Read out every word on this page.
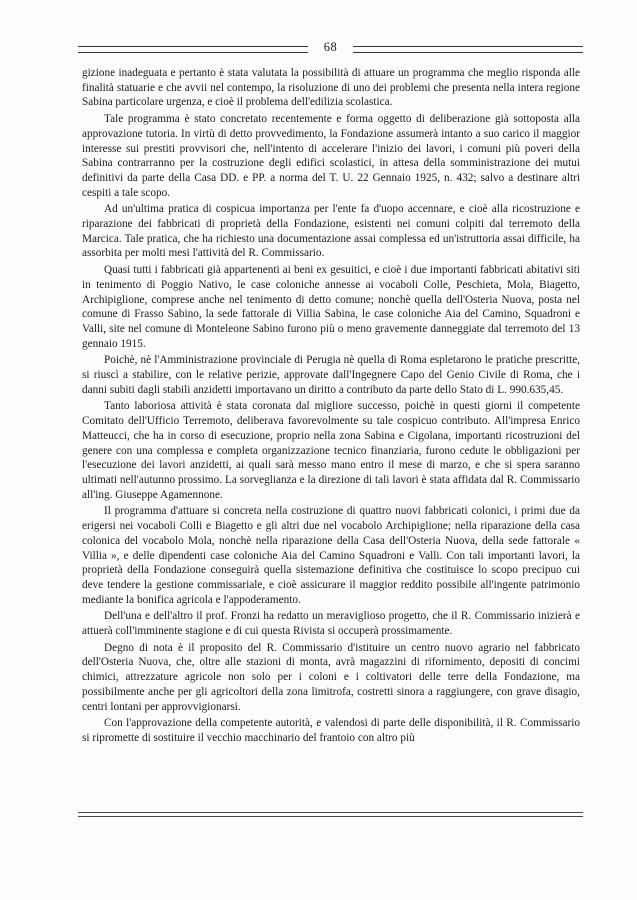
68

gizione inadeguata e pertanto è stata valutata la possibilità di attuare un programma che meglio risponda alle finalità statuarie e che avvii nel contempo, la risoluzione di uno dei problemi che presenta nella intera regione Sabina particolare urgenza, e cioè il problema dell'edilizia scolastica.

Tale programma è stato concretato recentemente e forma oggetto di deliberazione già sottoposta alla approvazione tutoria. In virtù di detto provvedimento, la Fondazione assumerà intanto a suo carico il maggior interesse sui prestiti provvisori che, nell'intento di accelerare l'inizio dei lavori, i comuni più poveri della Sabina contrarranno per la costruzione degli edifici scolastici, in attesa della somministrazione dei mutui definitivi da parte della Casa DD. e PP. a norma del T. U. 22 Gennaio 1925, n. 432; salvo a destinare altri cespiti a tale scopo.

Ad un'ultima pratica di cospicua importanza per l'ente fa d'uopo accennare, e cioè alla ricostruzione e riparazione dei fabbricati di proprietà della Fondazione, esistenti nei comuni colpiti dal terremoto della Marcica. Tale pratica, che ha richiesto una documentazione assai complessa ed un'istruttoria assai difficile, ha assorbita per molti mesi l'attività del R. Commissario.

Quasi tutti i fabbricati già appartenenti ai beni ex gesuitici, e cioè i due importanti fabbricati abitativi siti in tenimento di Poggio Nativo, le case coloniche annesse ai vocaboli Colle, Peschieta, Mola, Biagetto, Archipiglione, comprese anche nel tenimento di detto comune; nonchè quella dell'Osteria Nuova, posta nel comune di Frasso Sabino, la sede fattorale di Villia Sabina, le case coloniche Aia del Camino, Squadroni e Valli, site nel comune di Monteleone Sabino furono più o meno gravemente danneggiate dal terremoto del 13 gennaio 1915.

Poichè, nè l'Amministrazione provinciale di Perugia nè quella di Roma espletarono le pratiche prescritte, si riuscì a stabilire, con le relative perizie, approvate dall'Ingegnere Capo del Genio Civile di Roma, che i danni subiti dagli stabili anzidetti importavano un diritto a contributo da parte dello Stato di L. 990.635,45.

Tanto laboriosa attività è stata coronata dal migliore successo, poichè in questi giorni il competente Comitato dell'Ufficio Terremoto, deliberava favorevolmente su tale cospicuo contributo. All'impresa Enrico Matteucci, che ha in corso di esecuzione, proprio nella zona Sabina e Cigolana, importanti ricostruzioni del genere con una complessa e completa organizzazione tecnico finanziaria, furono cedute le obbligazioni per l'esecuzione dei lavori anzidetti, ai quali sarà messo mano entro il mese di marzo, e che si spera saranno ultimati nell'autunno prossimo. La sorveglianza e la direzione di tali lavori è stata affidata dal R. Commissario all'ing. Giuseppe Agamennone.

Il programma d'attuare si concreta nella costruzione di quattro nuovi fabbricati colonici, i primi due da erigersi nei vocaboli Colli e Biagetto e gli altri due nel vocabolo Archipiglione; nella riparazione della casa colonica del vocabolo Mola, nonchè nella riparazione della Casa dell'Osteria Nuova, della sede fattorale « Villia », e delle dipendenti case coloniche Aia del Camino Squadroni e Valli. Con tali importanti lavori, la proprietà della Fondazione conseguirà quella sistemazione definitiva che costituisce lo scopo precipuo cui deve tendere la gestione commissariale, e cioè assicurare il maggior reddito possibile all'ingente patrimonio mediante la bonifica agricola e l'appoderamento.

Dell'una e dell'altro il prof. Fronzi ha redatto un meraviglioso progetto, che il R. Commissario inizierà e attuerà coll'imminente stagione e di cui questa Rivista si occuperà prossimamente.

Degno di nota è il proposito del R. Commissario d'istituire un centro nuovo agrario nel fabbricato dell'Osteria Nuova, che, oltre alle stazioni di monta, avrà magazzini di rifornimento, depositi di concimi chimici, attrezzature agricole non solo per i coloni e i coltivatori delle terre della Fondazione, ma possibilmente anche per gli agricoltori della zona limitrofa, costretti sinora a raggiungere, con grave disagio, centri lontani per approvvigionarsi.

Con l'approvazione della competente autorità, e valendosi di parte delle disponibilità, il R. Commissario si ripromette di sostituire il vecchio macchinario del frantoio con altro più
